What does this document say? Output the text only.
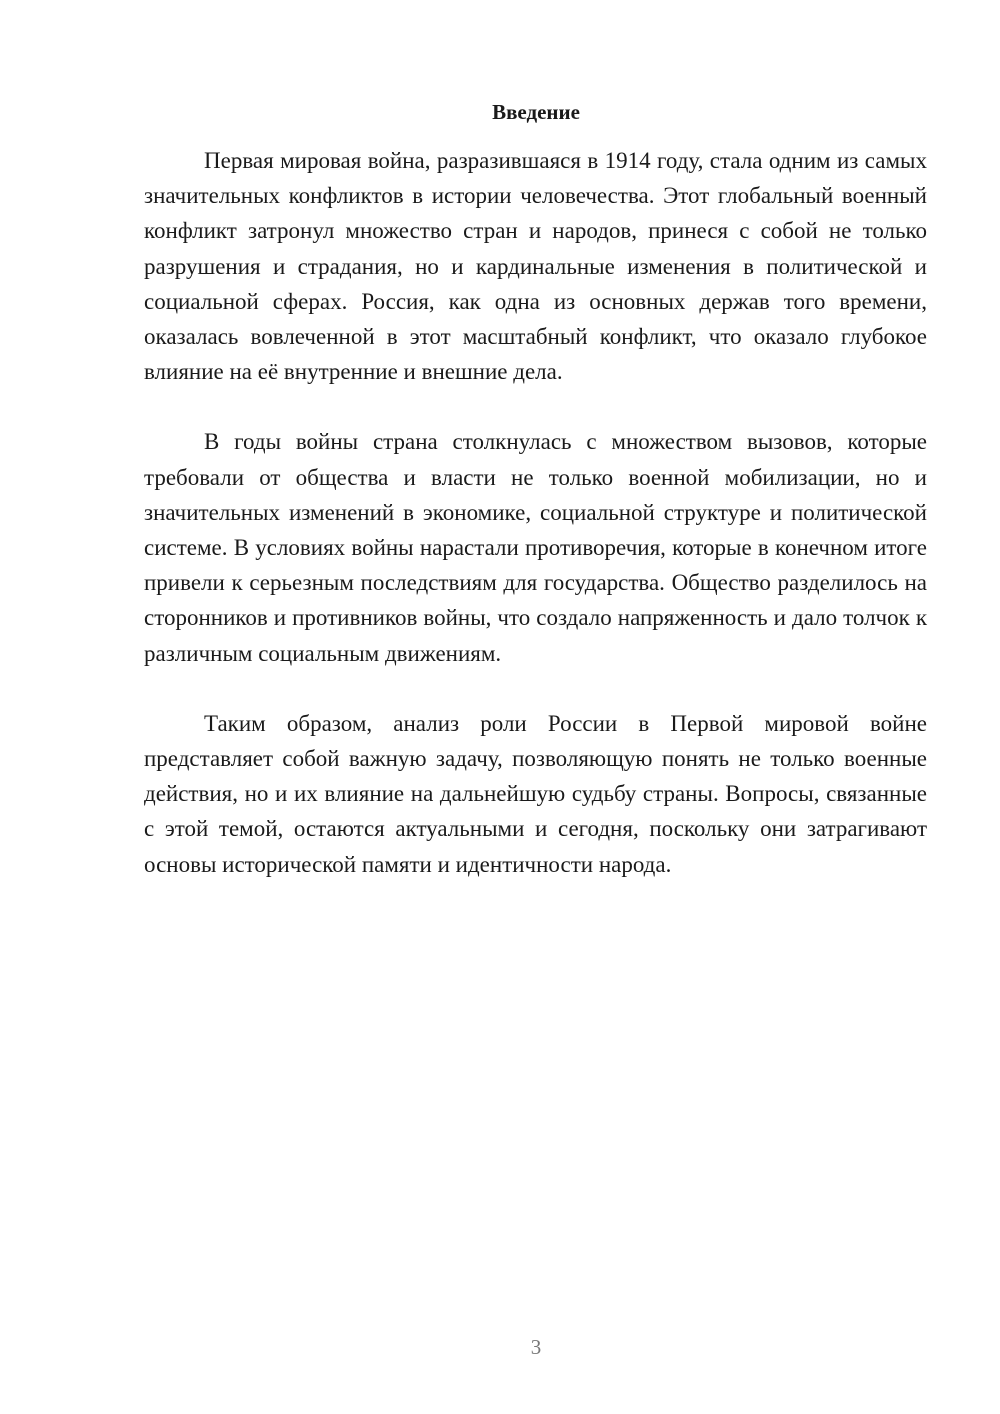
Введение

Первая мировая война, разразившаяся в 1914 году, стала одним из самых значительных конфликтов в истории человечества. Этот глобальный военный конфликт затронул множество стран и народов, принеся с собой не только разрушения и страдания, но и кардинальные изменения в политической и социальной сферах. Россия, как одна из основных держав того времени, оказалась вовлеченной в этот масштабный конфликт, что оказало глубокое влияние на её внутренние и внешние дела.

В годы войны страна столкнулась с множеством вызовов, которые требовали от общества и власти не только военной мобилизации, но и значительных изменений в экономике, социальной структуре и политической системе. В условиях войны нарастали противоречия, которые в конечном итоге привели к серьезным последствиям для государства. Общество разделилось на сторонников и противников войны, что создало напряженность и дало толчок к различным социальным движениям.

Таким образом, анализ роли России в Первой мировой войне представляет собой важную задачу, позволяющую понять не только военные действия, но и их влияние на дальнейшую судьбу страны. Вопросы, связанные с этой темой, остаются актуальными и сегодня, поскольку они затрагивают основы исторической памяти и идентичности народа.

3
